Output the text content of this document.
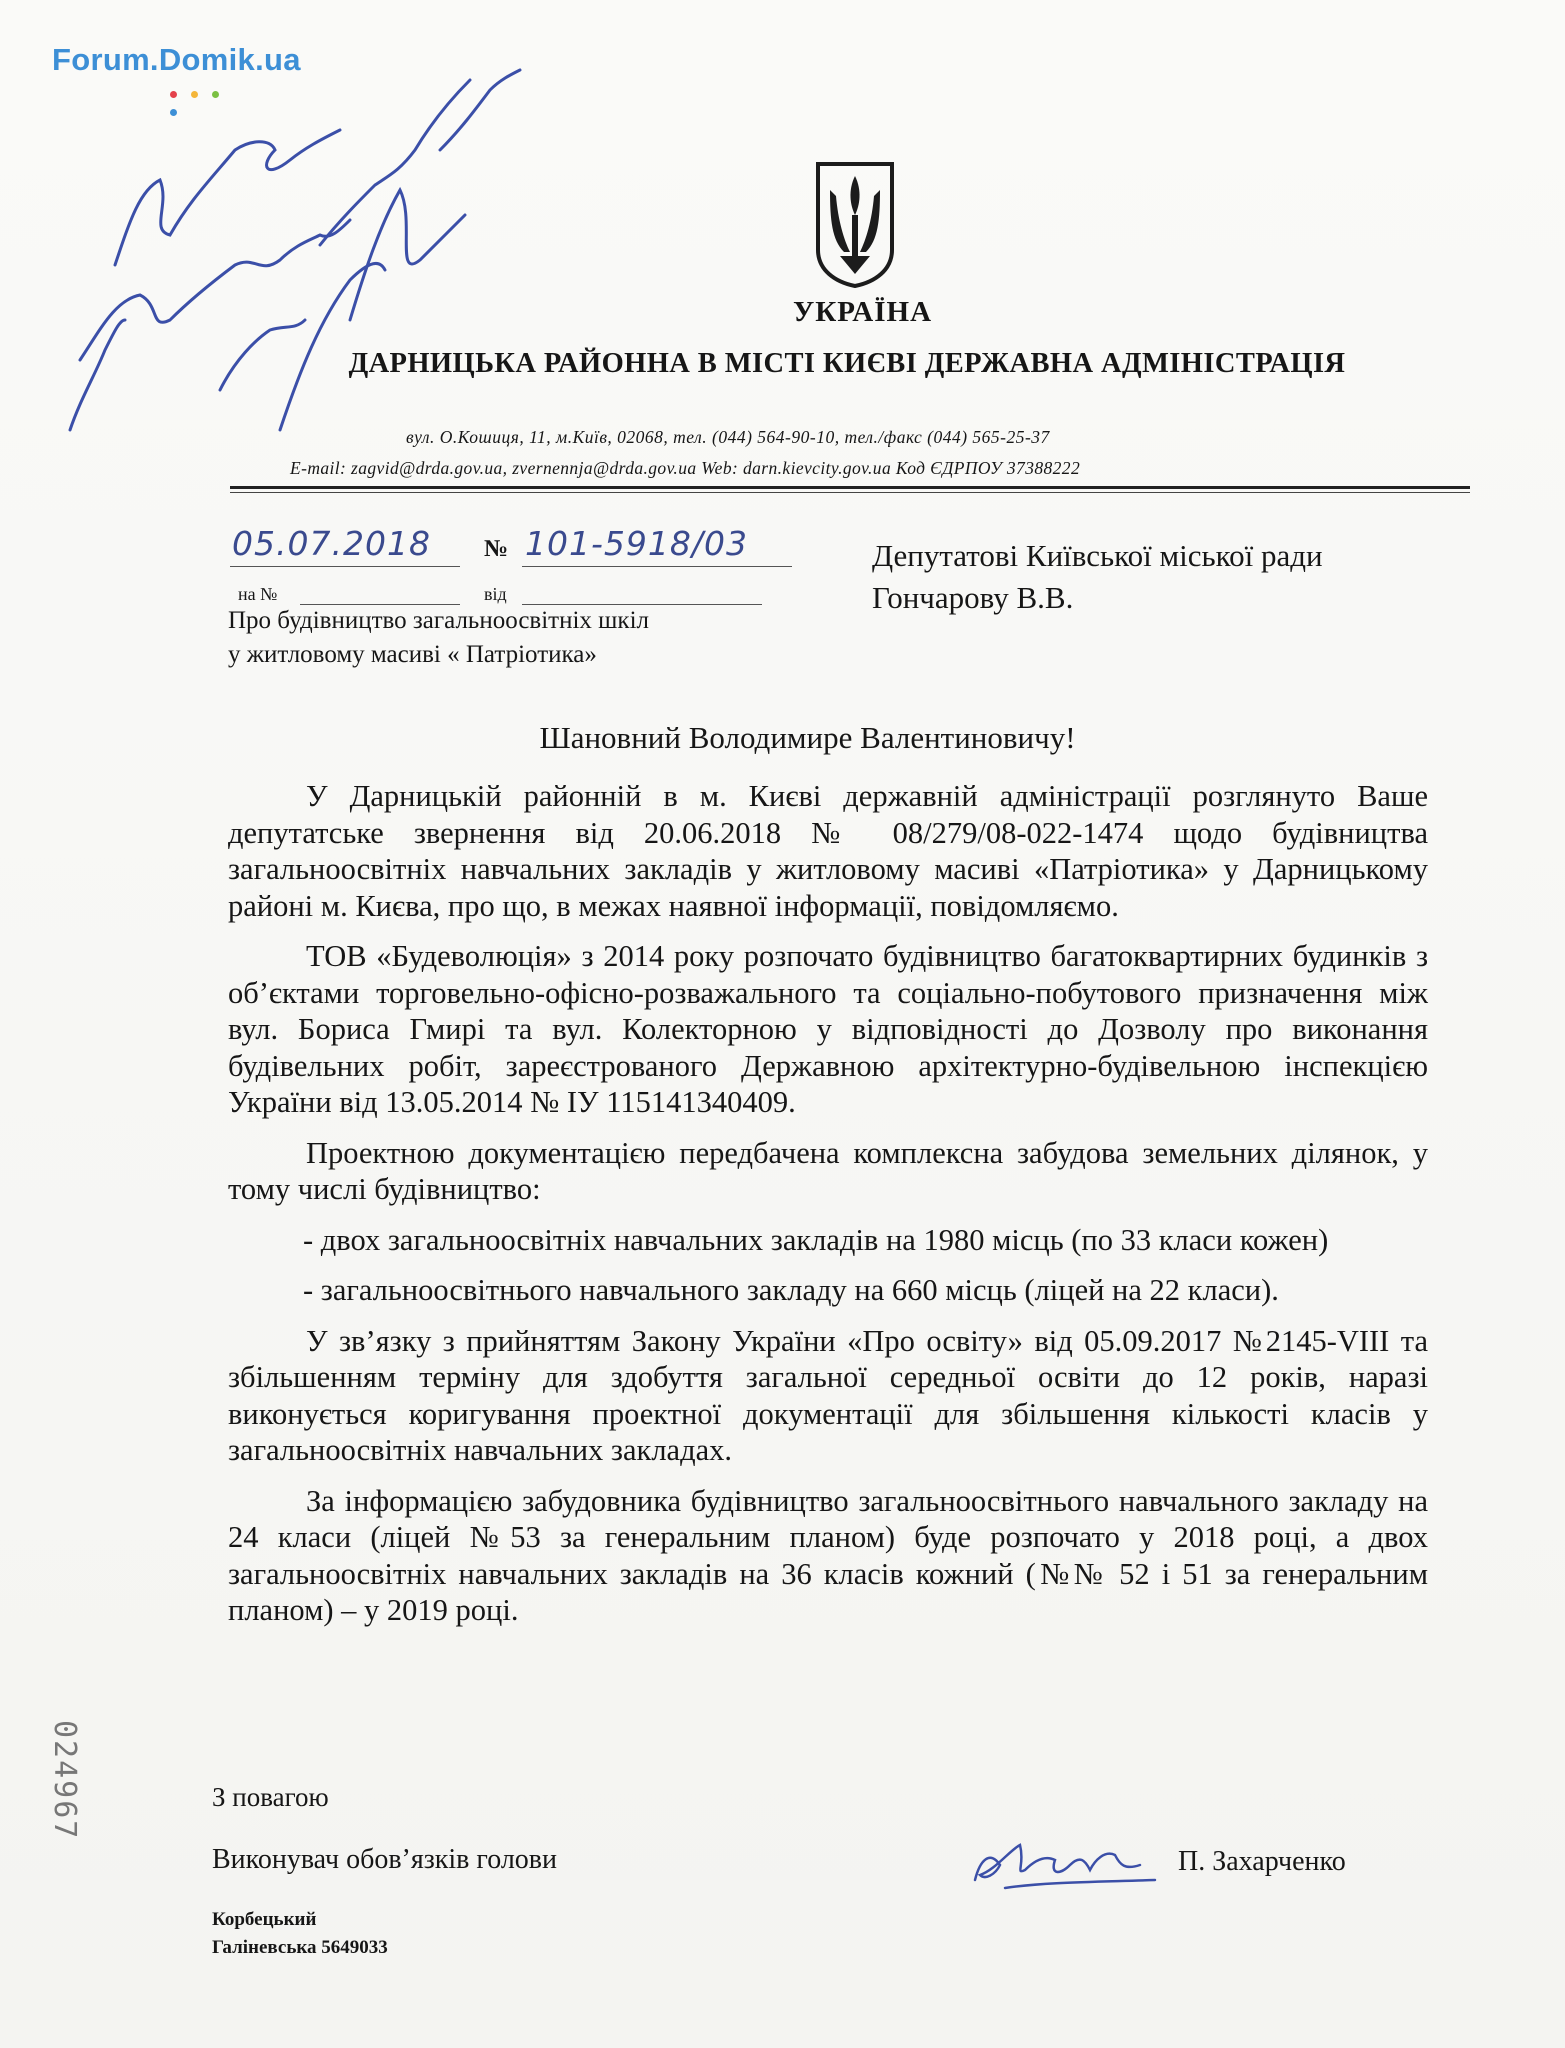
Forum.Domik.ua
УКРАЇНА
ДАРНИЦЬКА РАЙОННА В МІСТІ КИЄВІ ДЕРЖАВНА АДМІНІСТРАЦІЯ
вул. О.Кошиця, 11, м.Київ, 02068, тел. (044) 564-90-10, тел./факс (044) 565-25-37
E-mail: zagvid@drda.gov.ua, zvernennja@drda.gov.ua Web: darn.kievcity.gov.ua Код ЄДРПОУ 37388222
05.07.2018 № 101-5918/03
на №	від
Депутатові Київської міської ради
Гончарову В.В.
Про будівництво загальноосвітніх шкіл
у житловому масиві « Патріотика»
Шановний Володимире Валентиновичу!

У Дарницькій районній в м. Києві державній адміністрації розглянуто Ваше депутатське звернення від 20.06.2018 № 08/279/08-022-1474 щодо будівництва загальноосвітніх навчальних закладів у житловому масиві «Патріотика» у Дарницькому районі м. Києва, про що, в межах наявної інформації, повідомляємо.

ТОВ «Будеволюція» з 2014 року розпочато будівництво багатоквартирних будинків з об’єктами торговельно-офісно-розважального та соціально-побутового призначення між вул. Бориса Гмирі та вул. Колекторною у відповідності до Дозволу про виконання будівельних робіт, зареєстрованого Державною архітектурно-будівельною інспекцією України від 13.05.2014 № ІУ 115141340409.

Проектною документацією передбачена комплексна забудова земельних ділянок, у тому числі будівництво:

- двох загальноосвітніх навчальних закладів на 1980 місць (по 33 класи кожен)

- загальноосвітнього навчального закладу на 660 місць (ліцей на 22 класи).

У зв’язку з прийняттям Закону України «Про освіту» від 05.09.2017 №2145-VIII та збільшенням терміну для здобуття загальної середньої освіти до 12 років, наразі виконується коригування проектної документації для збільшення кількості класів у загальноосвітніх навчальних закладах.

За інформацією забудовника будівництво загальноосвітнього навчального закладу на 24 класи (ліцей №53 за генеральним планом) буде розпочато у 2018 році, а двох загальноосвітніх навчальних закладів на 36 класів кожний (№№ 52 і 51 за генеральним планом) – у 2019 році.

З повагою
Виконувач обов’язків голови	П. Захарченко
Корбецький
Галіневська 5649033
024967
